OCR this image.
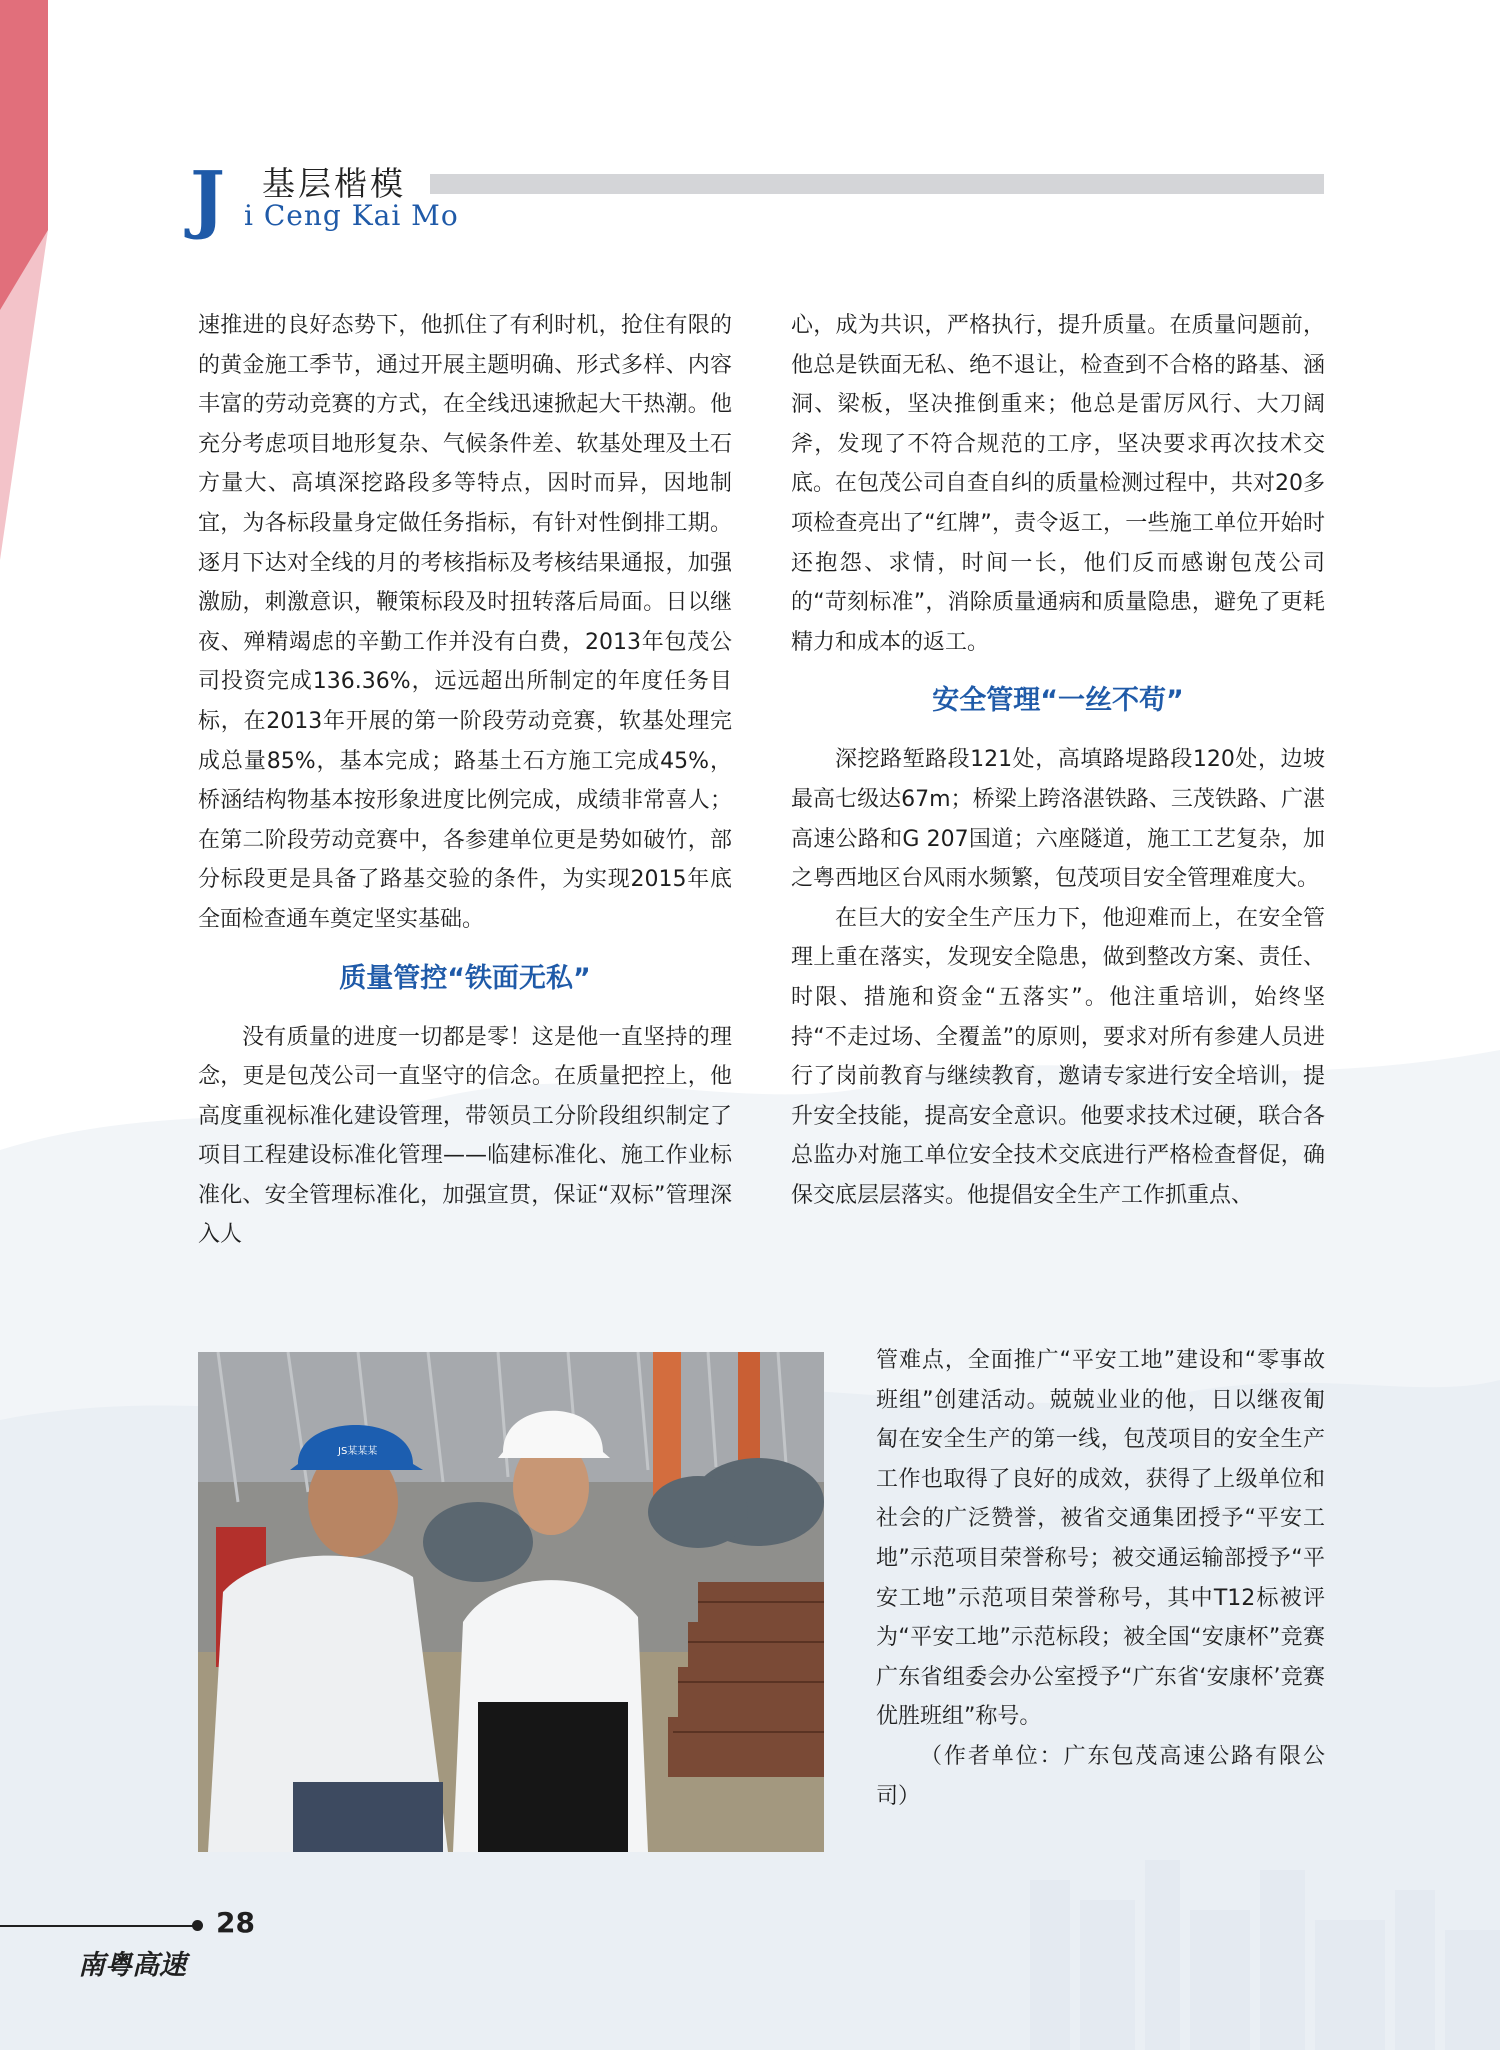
J 基层楷模
i Ceng Kai Mo

速推进的良好态势下，他抓住了有利时机，抢住有限的的黄金施工季节，通过开展主题明确、形式多样、内容丰富的劳动竞赛的方式，在全线迅速掀起大干热潮。他充分考虑项目地形复杂、气候条件差、软基处理及土石方量大、高填深挖路段多等特点，因时而异，因地制宜，为各标段量身定做任务指标，有针对性倒排工期。逐月下达对全线的月的考核指标及考核结果通报，加强激励，刺激意识，鞭策标段及时扭转落后局面。日以继夜、殚精竭虑的辛勤工作并没有白费，2013年包茂公司投资完成136.36%，远远超出所制定的年度任务目标，在2013年开展的第一阶段劳动竞赛，软基处理完成总量85%，基本完成；路基土石方施工完成45%，桥涵结构物基本按形象进度比例完成，成绩非常喜人；在第二阶段劳动竞赛中，各参建单位更是势如破竹，部分标段更是具备了路基交验的条件，为实现2015年底全面检查通车奠定坚实基础。

质量管控“铁面无私”

没有质量的进度一切都是零！这是他一直坚持的理念，更是包茂公司一直坚守的信念。在质量把控上，他高度重视标准化建设管理，带领员工分阶段组织制定了项目工程建设标准化管理——临建标准化、施工作业标准化、安全管理标准化，加强宣贯，保证“双标”管理深入人

心，成为共识，严格执行，提升质量。在质量问题前，他总是铁面无私、绝不退让，检查到不合格的路基、涵洞、梁板，坚决推倒重来；他总是雷厉风行、大刀阔斧，发现了不符合规范的工序，坚决要求再次技术交底。在包茂公司自查自纠的质量检测过程中，共对20多项检查亮出了“红牌”，责令返工，一些施工单位开始时还抱怨、求情，时间一长，他们反而感谢包茂公司的“苛刻标准”，消除质量通病和质量隐患，避免了更耗精力和成本的返工。

安全管理“一丝不苟”

深挖路堑路段121处，高填路堤路段120处，边坡最高七级达67m；桥梁上跨洛湛铁路、三茂铁路、广湛高速公路和G 207国道；六座隧道，施工工艺复杂，加之粤西地区台风雨水频繁，包茂项目安全管理难度大。

在巨大的安全生产压力下，他迎难而上，在安全管理上重在落实，发现安全隐患，做到整改方案、责任、时限、措施和资金“五落实”。他注重培训，始终坚持“不走过场、全覆盖”的原则，要求对所有参建人员进行了岗前教育与继续教育，邀请专家进行安全培训，提升安全技能，提高安全意识。他要求技术过硬，联合各总监办对施工单位安全技术交底进行严格检查督促，确保交底层层落实。他提倡安全生产工作抓重点、

管难点，全面推广“平安工地”建设和“零事故班组”创建活动。兢兢业业的他，日以继夜匍匐在安全生产的第一线，包茂项目的安全生产工作也取得了良好的成效，获得了上级单位和社会的广泛赞誉，被省交通集团授予“平安工地”示范项目荣誉称号；被交通运输部授予“平安工地”示范项目荣誉称号，其中T12标被评为“平安工地”示范标段；被全国“安康杯”竞赛广东省组委会办公室授予“广东省‘安康杯’竞赛优胜班组”称号。

（作者单位：广东包茂高速公路有限公司）

JS某某某
28
南粤高速
